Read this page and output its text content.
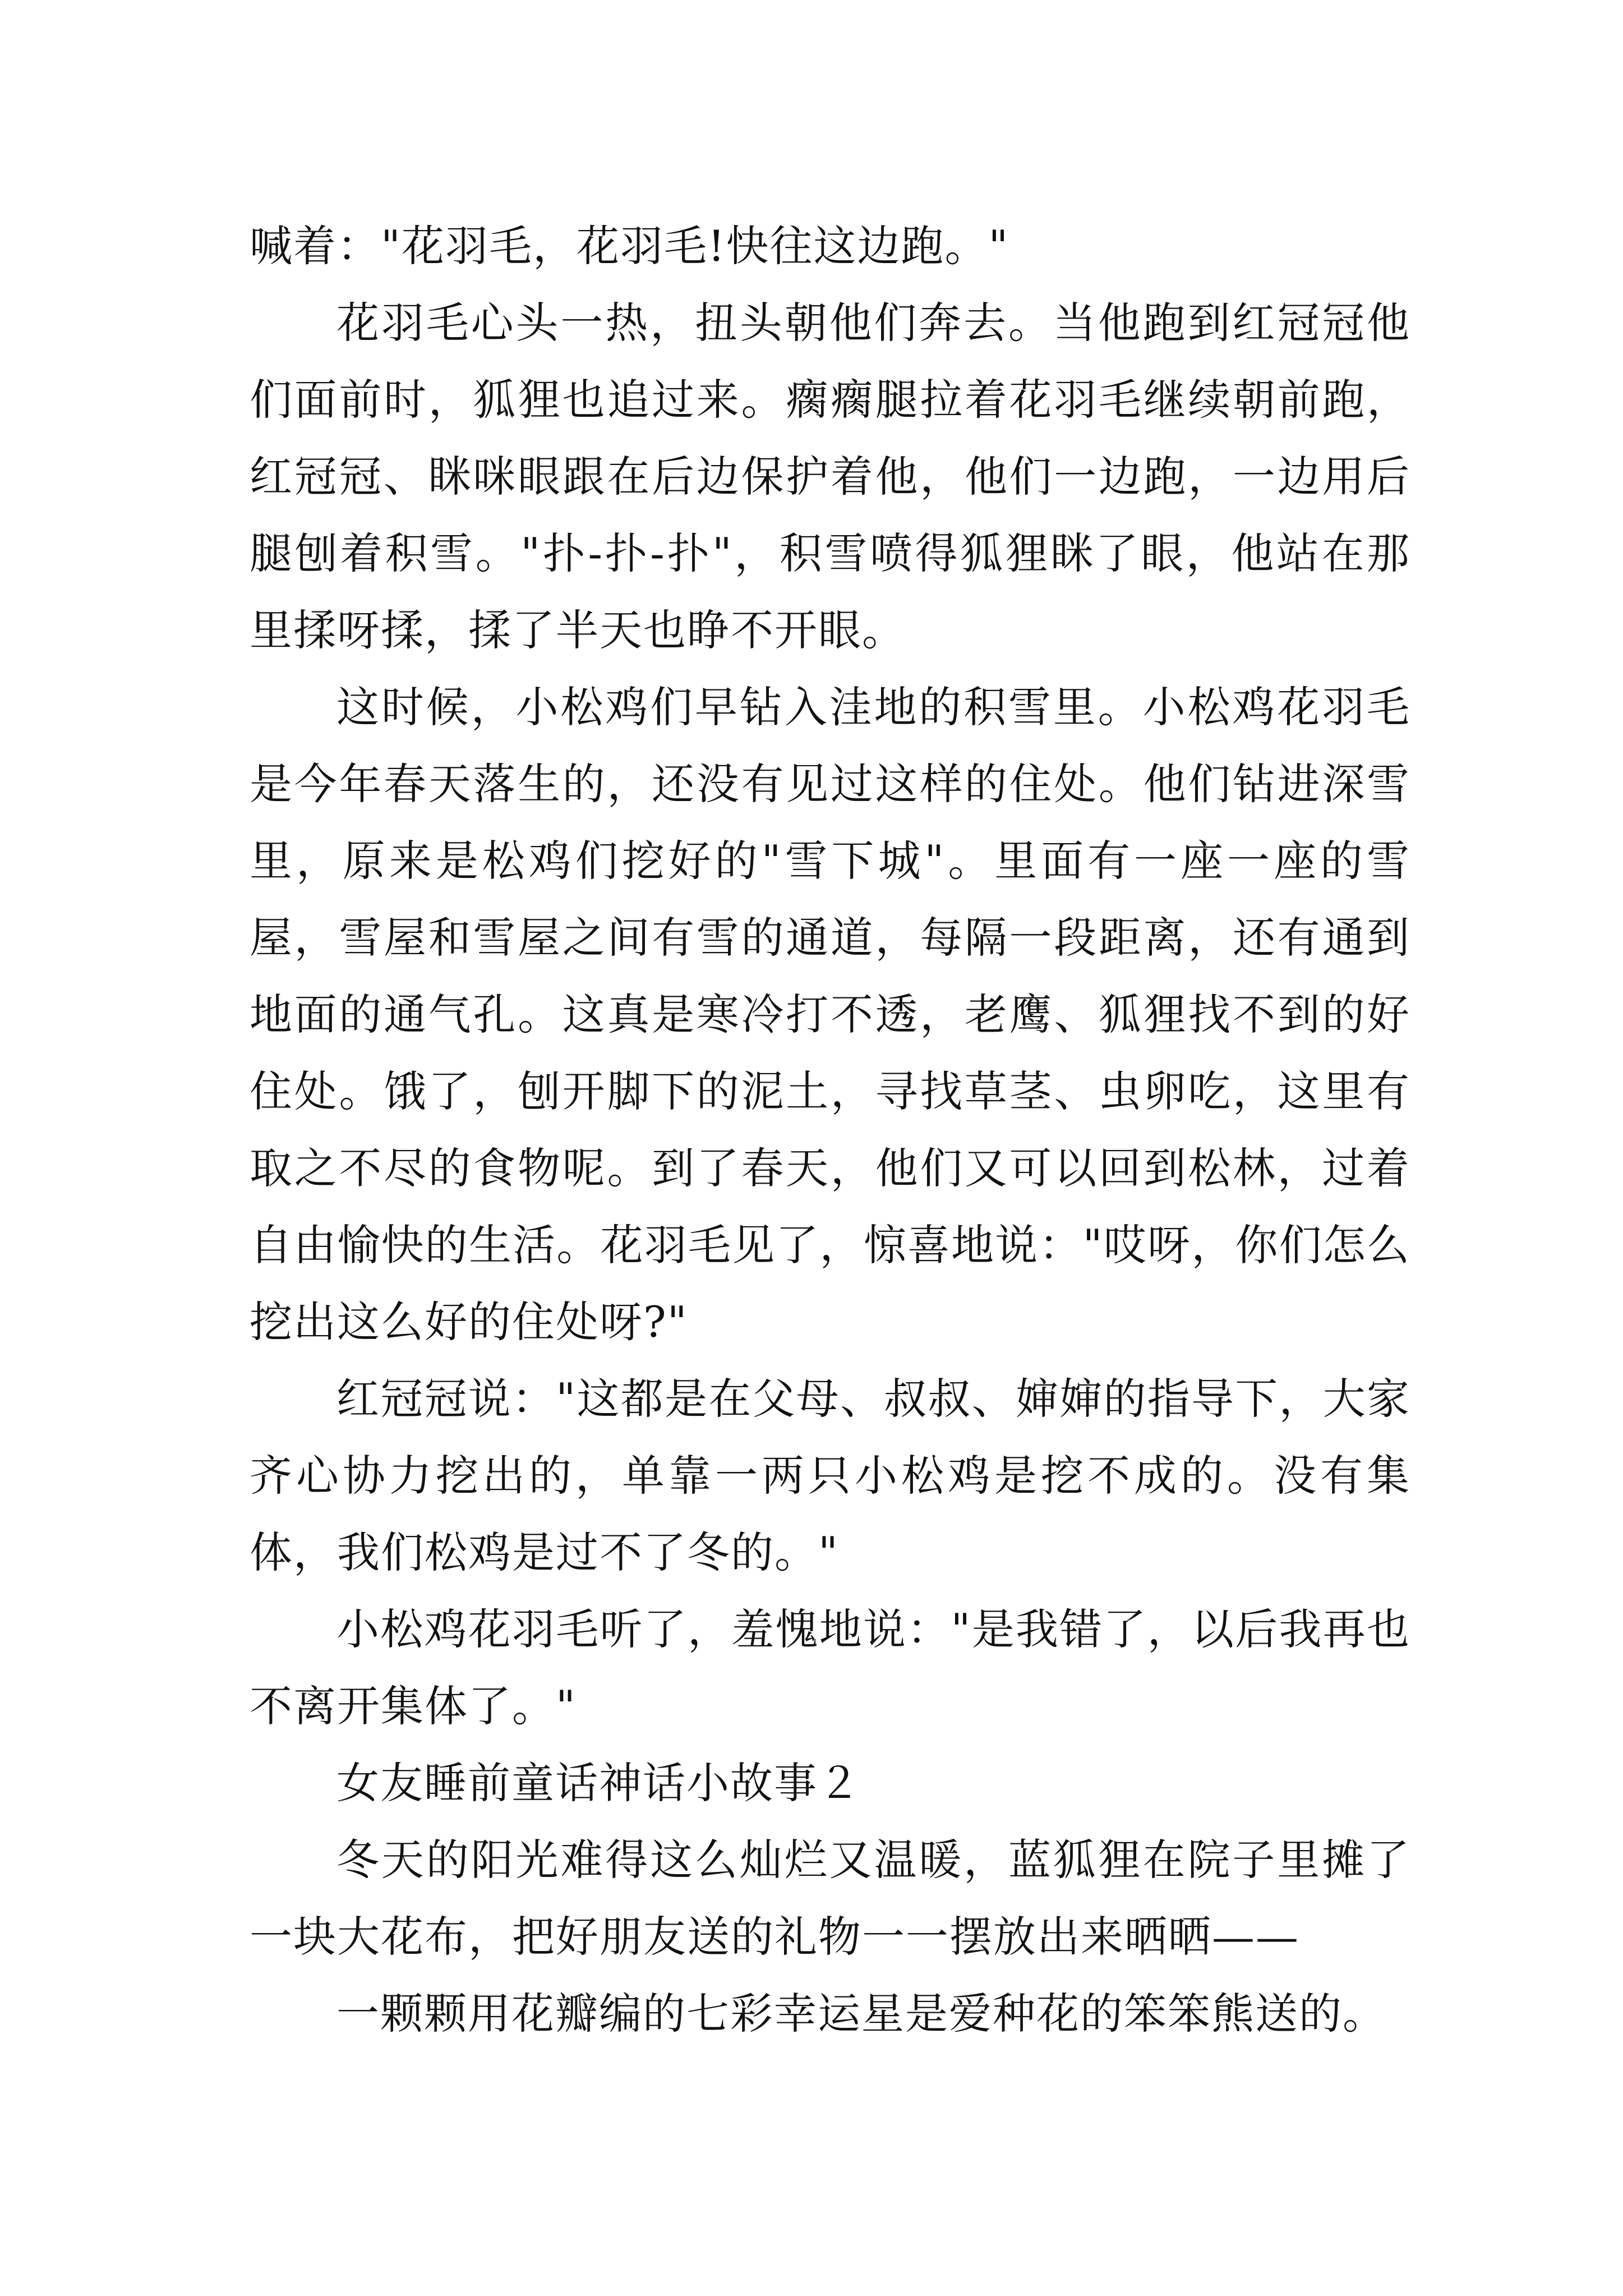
喊着："花羽毛，花羽毛!快往这边跑。"

花羽毛心头一热，扭头朝他们奔去。当他跑到红冠冠他们面前时，狐狸也追过来。瘸瘸腿拉着花羽毛继续朝前跑，红冠冠、眯咪眼跟在后边保护着他，他们一边跑，一边用后腿刨着积雪。"扑-扑-扑"，积雪喷得狐狸眯了眼，他站在那里揉呀揉，揉了半天也睁不开眼。

这时候，小松鸡们早钻入洼地的积雪里。小松鸡花羽毛是今年春天落生的，还没有见过这样的住处。他们钻进深雪里，原来是松鸡们挖好的"雪下城"。里面有一座一座的雪屋，雪屋和雪屋之间有雪的通道，每隔一段距离，还有通到地面的通气孔。这真是寒冷打不透，老鹰、狐狸找不到的好住处。饿了，刨开脚下的泥土，寻找草茎、虫卵吃，这里有取之不尽的食物呢。到了春天，他们又可以回到松林，过着自由愉快的生活。花羽毛见了，惊喜地说："哎呀，你们怎么挖出这么好的住处呀?"

红冠冠说："这都是在父母、叔叔、婶婶的指导下，大家齐心协力挖出的，单靠一两只小松鸡是挖不成的。没有集体，我们松鸡是过不了冬的。"

小松鸡花羽毛听了，羞愧地说："是我错了，以后我再也不离开集体了。"

女友睡前童话神话小故事２

冬天的阳光难得这么灿烂又温暖，蓝狐狸在院子里摊了一块大花布，把好朋友送的礼物一一摆放出来晒晒——

一颗颗用花瓣编的七彩幸运星是爱种花的笨笨熊送的。
